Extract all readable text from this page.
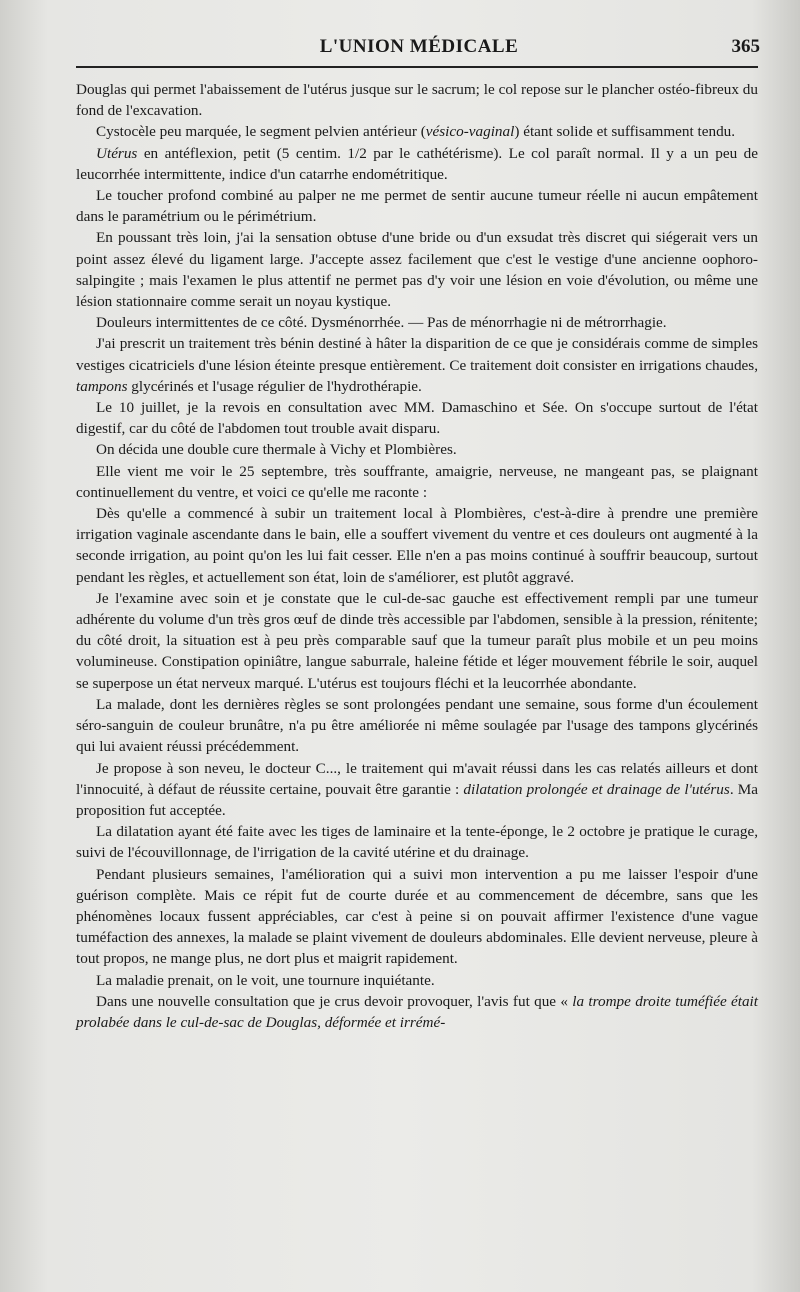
L'UNION MÉDICALE	365

Douglas qui permet l'abaissement de l'utérus jusque sur le sacrum; le col repose sur le plancher ostéo-fibreux du fond de l'excavation.

Cystocèle peu marquée, le segment pelvien antérieur (vésico-vaginal) étant solide et suffisamment tendu.

Utérus en antéflexion, petit (5 centim. 1/2 par le cathétérisme). Le col paraît normal. Il y a un peu de leucorrhée intermittente, indice d'un catarrhe endométritique.

Le toucher profond combiné au palper ne me permet de sentir aucune tumeur réelle ni aucun empâtement dans le paramétrium ou le périmétrium.

En poussant très loin, j'ai la sensation obtuse d'une bride ou d'un exsudat très discret qui siégerait vers un point assez élevé du ligament large. J'accepte assez facilement que c'est le vestige d'une ancienne oophoro-salpingite ; mais l'examen le plus attentif ne permet pas d'y voir une lésion en voie d'évolution, ou même une lésion stationnaire comme serait un noyau kystique.

Douleurs intermittentes de ce côté. Dysménorrhée. — Pas de ménorrhagie ni de métrorrhagie.

J'ai prescrit un traitement très bénin destiné à hâter la disparition de ce que je considérais comme de simples vestiges cicatriciels d'une lésion éteinte presque entièrement. Ce traitement doit consister en irrigations chaudes, tampons glycérinés et l'usage régulier de l'hydrothérapie.

Le 10 juillet, je la revois en consultation avec MM. Damaschino et Sée. On s'occupe surtout de l'état digestif, car du côté de l'abdomen tout trouble avait disparu.

On décida une double cure thermale à Vichy et Plombières.

Elle vient me voir le 25 septembre, très souffrante, amaigrie, nerveuse, ne mangeant pas, se plaignant continuellement du ventre, et voici ce qu'elle me raconte :

Dès qu'elle a commencé à subir un traitement local à Plombières, c'est-à-dire à prendre une première irrigation vaginale ascendante dans le bain, elle a souffert vivement du ventre et ces douleurs ont augmenté à la seconde irrigation, au point qu'on les lui fait cesser. Elle n'en a pas moins continué à souffrir beaucoup, surtout pendant les règles, et actuellement son état, loin de s'améliorer, est plutôt aggravé.

Je l'examine avec soin et je constate que le cul-de-sac gauche est effectivement rempli par une tumeur adhérente du volume d'un très gros œuf de dinde très accessible par l'abdomen, sensible à la pression, rénitente; du côté droit, la situation est à peu près comparable sauf que la tumeur paraît plus mobile et un peu moins volumineuse. Constipation opiniâtre, langue saburrale, haleine fétide et léger mouvement fébrile le soir, auquel se superpose un état nerveux marqué. L'utérus est toujours fléchi et la leucorrhée abondante.

La malade, dont les dernières règles se sont prolongées pendant une semaine, sous forme d'un écoulement séro-sanguin de couleur brunâtre, n'a pu être améliorée ni même soulagée par l'usage des tampons glycérinés qui lui avaient réussi précédemment.

Je propose à son neveu, le docteur C..., le traitement qui m'avait réussi dans les cas relatés ailleurs et dont l'innocuité, à défaut de réussite certaine, pouvait être garantie : dilatation prolongée et drainage de l'utérus. Ma proposition fut acceptée.

La dilatation ayant été faite avec les tiges de laminaire et la tente-éponge, le 2 octobre je pratique le curage, suivi de l'écouvillonnage, de l'irrigation de la cavité utérine et du drainage.

Pendant plusieurs semaines, l'amélioration qui a suivi mon intervention a pu me laisser l'espoir d'une guérison complète. Mais ce répit fut de courte durée et au commencement de décembre, sans que les phénomènes locaux fussent appréciables, car c'est à peine si on pouvait affirmer l'existence d'une vague tuméfaction des annexes, la malade se plaint vivement de douleurs abdominales. Elle devient nerveuse, pleure à tout propos, ne mange plus, ne dort plus et maigrit rapidement.

La maladie prenait, on le voit, une tournure inquiétante.

Dans une nouvelle consultation que je crus devoir provoquer, l'avis fut que « la trompe droite tuméfiée était prolabée dans le cul-de-sac de Douglas, déformée et irrémé-
